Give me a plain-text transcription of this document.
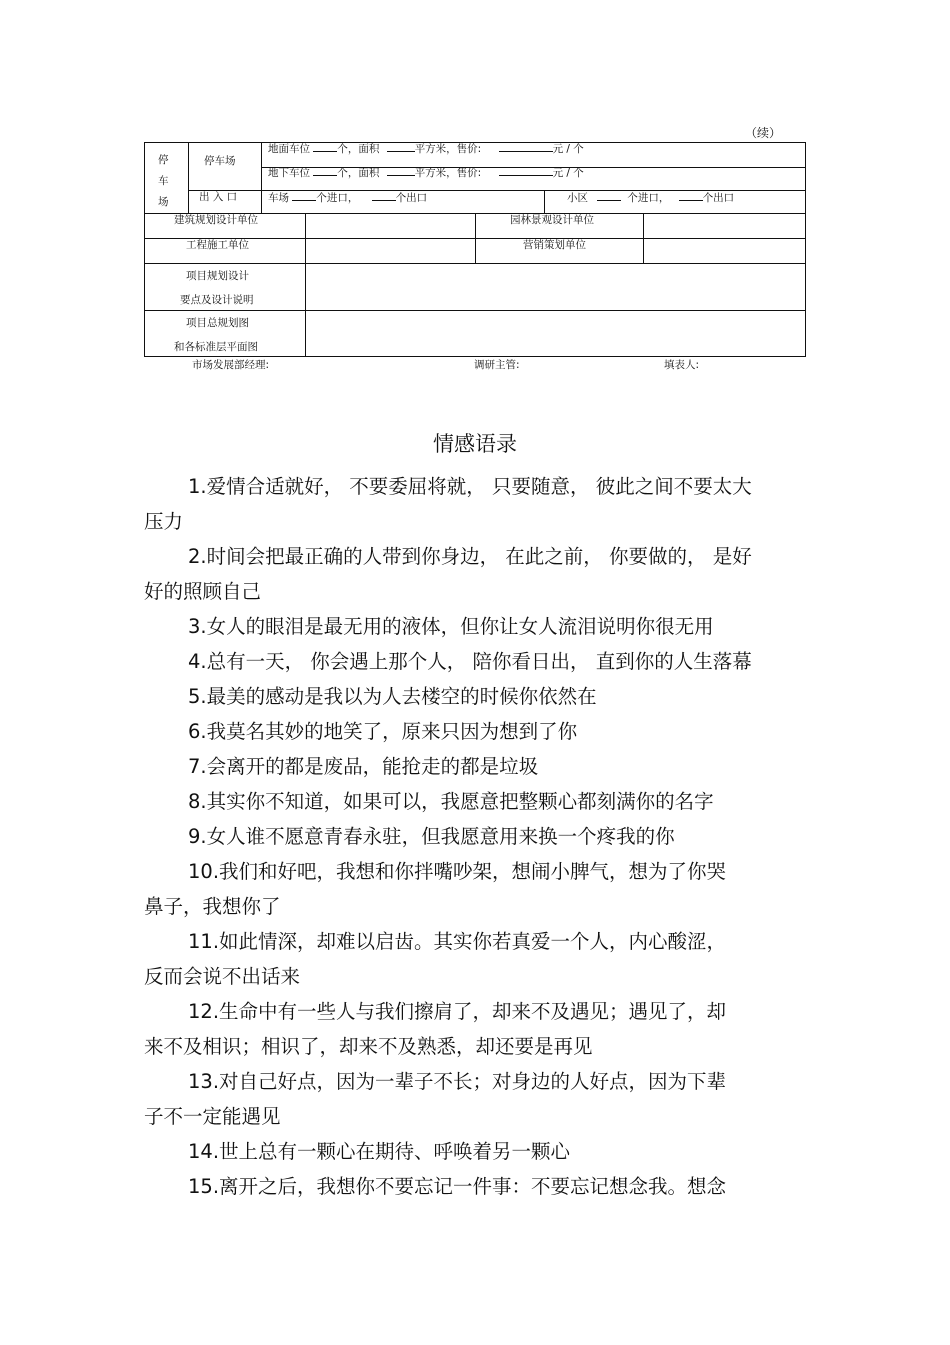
（续）
停
车
场
停车场
地面车位	个，面积	平方米，售价:	元 / 个
地下车位	个，面积	平方米，售价:	元 / 个
出 入 口	车场	个进口，	个出口	小区	个进口，	个出口
建筑规划设计单位	园林景观设计单位
工程施工单位	营销策划单位
项目规划设计
要点及设计说明
项目总规划图
和各标准层平面图
市场发展部经理:	调研主管:	填表人:
情感语录
1.爱情合适就好， 不要委屈将就， 只要随意， 彼此之间不要太大
压力
2.时间会把最正确的人带到你身边， 在此之前， 你要做的， 是好
好的照顾自己
3.女人的眼泪是最无用的液体，但你让女人流泪说明你很无用
4.总有一天， 你会遇上那个人， 陪你看日出， 直到你的人生落幕
5.最美的感动是我以为人去楼空的时候你依然在
6.我莫名其妙的地笑了，原来只因为想到了你
7.会离开的都是废品，能抢走的都是垃圾
8.其实你不知道，如果可以，我愿意把整颗心都刻满你的名字
9.女人谁不愿意青春永驻，但我愿意用来换一个疼我的你
10.我们和好吧，我想和你拌嘴吵架，想闹小脾气，想为了你哭
鼻子，我想你了
11.如此情深，却难以启齿。其实你若真爱一个人，内心酸涩，
反而会说不出话来
12.生命中有一些人与我们擦肩了，却来不及遇见；遇见了，却
来不及相识；相识了，却来不及熟悉，却还要是再见
13.对自己好点，因为一辈子不长；对身边的人好点，因为下辈
子不一定能遇见
14.世上总有一颗心在期待、呼唤着另一颗心
15.离开之后，我想你不要忘记一件事：不要忘记想念我。想念
